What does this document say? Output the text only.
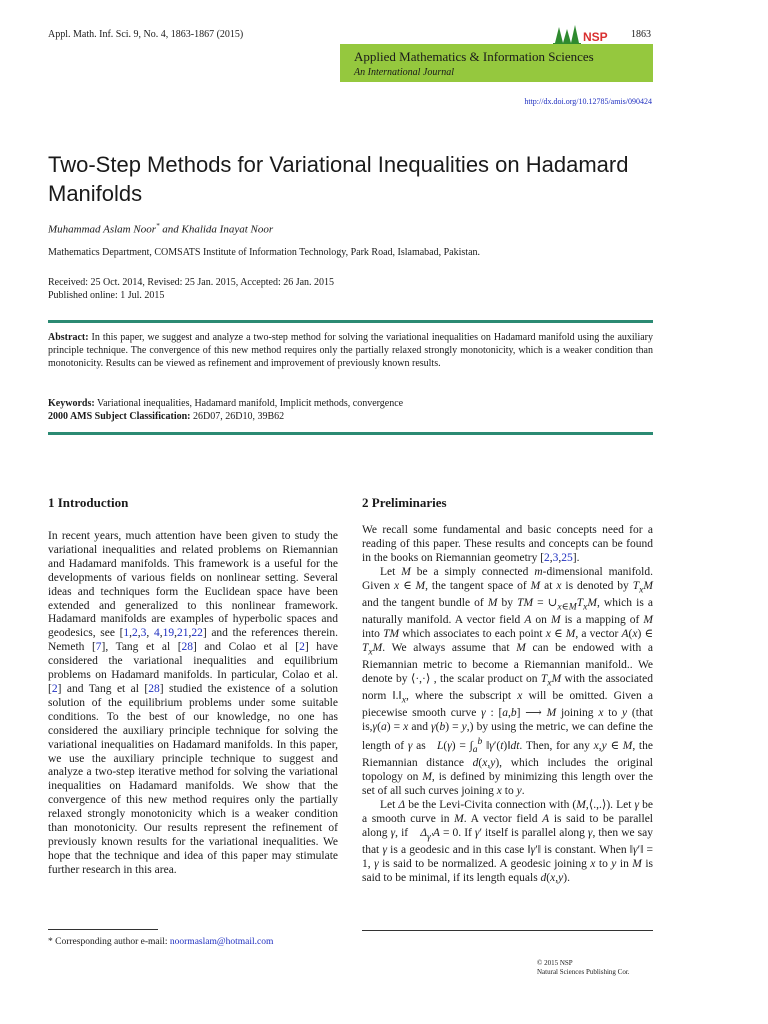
Appl. Math. Inf. Sci. 9, No. 4, 1863-1867 (2015)	NSP 1863
Applied Mathematics & Information Sciences
An International Journal
http://dx.doi.org/10.12785/amis/090424
Two-Step Methods for Variational Inequalities on Hadamard Manifolds
Muhammad Aslam Noor* and Khalida Inayat Noor
Mathematics Department, COMSATS Institute of Information Technology, Park Road, Islamabad, Pakistan.
Received: 25 Oct. 2014, Revised: 25 Jan. 2015, Accepted: 26 Jan. 2015
Published online: 1 Jul. 2015
Abstract: In this paper, we suggest and analyze a two-step method for solving the variational inequalities on Hadamard manifold using the auxiliary principle technique. The convergence of this new method requires only the partially relaxed strongly monotonicity, which is a weaker condition than monotonicity. Results can be viewed as refinement and improvement of previously known results.
Keywords: Variational inequalities, Hadamard manifold, Implicit methods, convergence
2000 AMS Subject Classification: 26D07, 26D10, 39B62
1 Introduction	2 Preliminaries

In recent years, much attention have been given to study the variational inequalities and related problems on Riemannian and Hadamard manifolds. This framework is a useful for the developments of various fields on nonlinear setting. Several ideas and techniques form the Euclidean space have been extended and generalized to this nonlinear framework. Hadamard manifolds are examples of hyperbolic spaces and geodesics, see [1,2,3, 4,19,21,22] and the references therein. Nemeth [7], Tang et al [28] and Colao et al [2] have considered the variational inequalities and equilibrium problems on Hadamard manifolds. In particular, Colao et al. [2] and Tang et al [28] studied the existence of a solution solution of the equilibrium problems under some suitable conditions. To the best of our knowledge, no one has considered the auxiliary principle technique for solving the variational inequalities on Hadamard manifolds. In this paper, we use the auxiliary principle technique to suggest and analyze a two-step iterative method for solving the variational inequalities on Hadamard manifolds. We show that the convergence of this new method requires only the partially relaxed strongly monotonicity which is a weaker condition than monotonicity. Our results represent the refinement of previously known results for the variational inequalities. We hope that the technique and idea of this paper may stimulate further research in this area.

We recall some fundamental and basic concepts need for a reading of this paper. These results and concepts can be found in the books on Riemannian geometry [2,3,25].

Let M be a simply connected m-dimensional manifold. Given x ∈ M, the tangent space of M at x is denoted by $T_xM$ and the tangent bundle of M by TM = $\cup_{x\in M}T_xM$, which is a naturally manifold. A vector field A on M is a mapping of M into TM which associates to each point x ∈ M, a vector A(x) ∈ $T_xM$. We always assume that M can be endowed with a Riemannian metric to become a Riemannian manifold.. We denote by ⟨·,·⟩ , the scalar product on $T_xM$ with the associated norm $‖.‖_x$, where the subscript x will be omitted. Given a piecewise smooth curve γ : [a,b] ⟶ M joining x to y (that is,γ(a) = x and γ(b) = y,) by using the metric, we can define the length of γ as   $L(\gamma) = \int_a^b$ ‖γ′(t)‖dt. Then, for any x,y ∈ M, the Riemannian distance d(x,y), which includes the original topology on M, is defined by minimizing this length over the set of all such curves joining x to y.

Let Δ be the Levi-Civita connection with (M,⟨.,.⟩). Let γ be a smooth curve in M. A vector field A is said to be parallel along γ, if    $\Delta_{\gamma'}A = 0$. If γ′ itself is parallel along γ, then we say that γ is a geodesic and in this case ‖γ′‖ is constant. When ‖γ′‖ = 1, γ is said to be normalized. A geodesic joining x to y in M is said to be minimal, if its length equals d(x,y).

* Corresponding author e-mail: noormaslam@hotmail.com
© 2015 NSP
Natural Sciences Publishing Cor.
